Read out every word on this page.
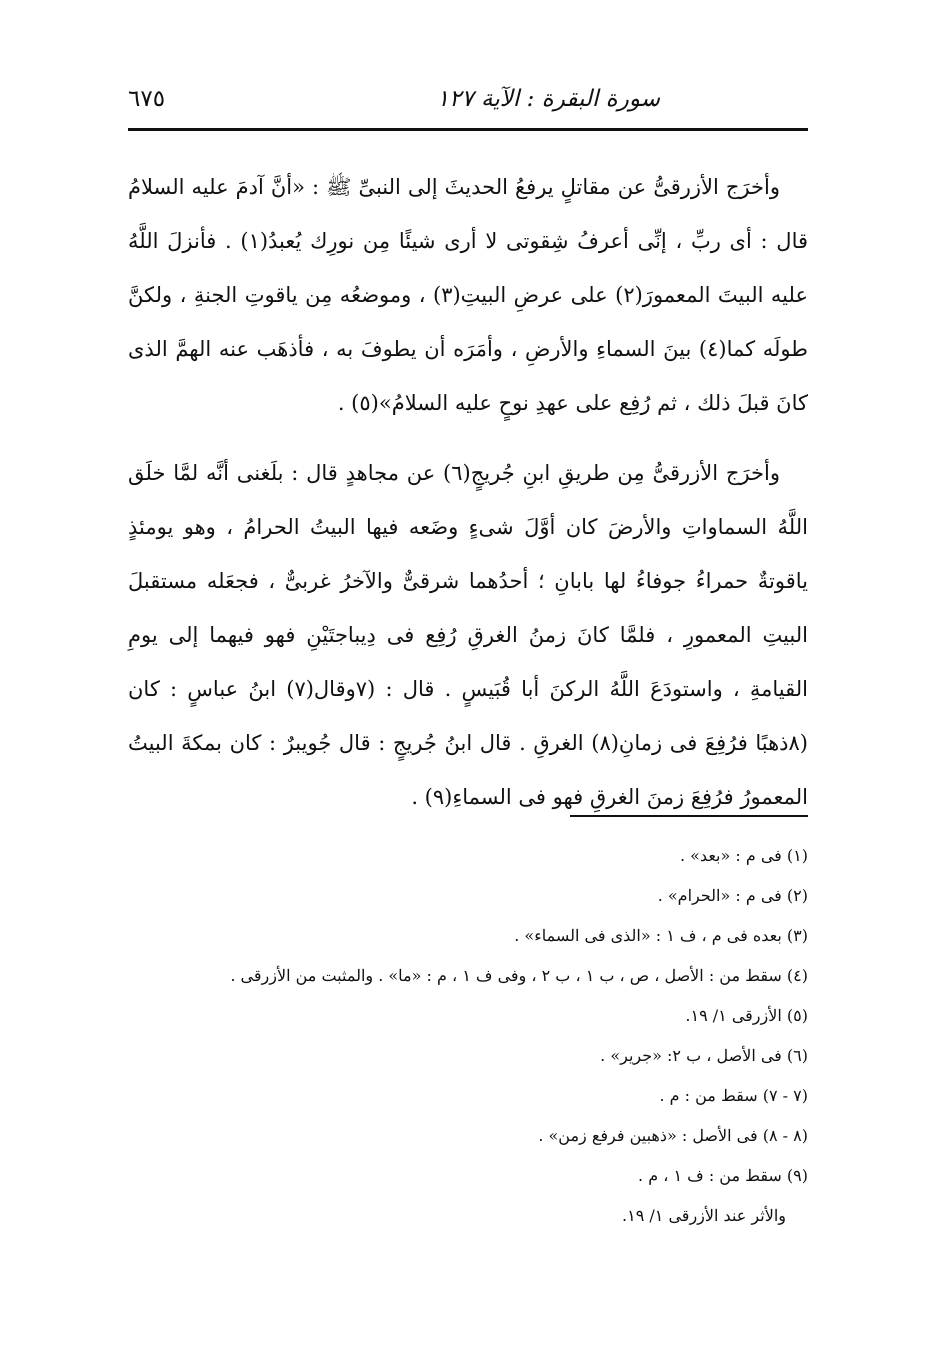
سورة البقرة : الآية ١٢٧
٦٧٥

وأخرَج الأزرقىُّ عن مقاتلٍ يرفعُ الحديثَ إلى النبىِّ ﷺ : «أنَّ آدمَ عليه السلامُ قال : أى ربِّ ، إنِّى أعرفُ شِقوتى لا أرى شيئًا مِن نورِك يُعبدُ(١) . فأنزلَ اللَّهُ عليه البيتَ المعمورَ(٢) على عرضِ البيتِ(٣) ، وموضعُه مِن ياقوتِ الجنةِ ، ولكنَّ طولَه كما(٤) بينَ السماءِ والأرضِ ، وأمَرَه أن يطوفَ به ، فأذهَب عنه الهمَّ الذى كانَ قبلَ ذلك ، ثم رُفِع على عهدِ نوحٍ عليه السلامُ»(٥) .

وأخرَج الأزرقىُّ مِن طريقِ ابنِ جُريجٍ(٦) عن مجاهدٍ قال : بلَغنى أنَّه لمَّا خلَق اللَّهُ السماواتِ والأرضَ كان أوَّلَ شىءٍ وضَعه فيها البيتُ الحرامُ ، وهو يومئذٍ ياقوتةٌ حمراءُ جوفاءُ لها بابانِ ؛ أحدُهما شرقىٌّ والآخرُ غربىٌّ ، فجعَله مستقبلَ البيتِ المعمورِ ، فلمَّا كانَ زمنُ الغرقِ رُفِع فى دِيباجتَيْنِ فهو فيهما إلى يومِ القيامةِ ، واستودَعَ اللَّهُ الركنَ أبا قُبَيسٍ . قال : (٧وقال(٧) ابنُ عباسٍ : كان (٨ذهبًا فرُفِعَ فى زمانِ(٨) الغرقِ . قال ابنُ جُريجٍ : قال جُويبرٌ : كان بمكةَ البيتُ المعمورُ فرُفِعَ زمنَ الغرقِ فهو فى السماءِ(٩) .

(١) فى م : «بعد» .
(٢) فى م : «الحرام» .
(٣) بعده فى م ، ف ١ : «الذى فى السماء» .
(٤) سقط من : الأصل ، ص ، ب ١ ، ب ٢ ، وفى ف ١ ، م : «ما» . والمثبت من الأزرقى .
(٥) الأزرقى ١/ ١٩.
(٦) فى الأصل ، ب ٢: «جرير» .
(٧ - ٧) سقط من : م .
(٨ - ٨) فى الأصل : «ذهبين فرفع زمن» .
(٩) سقط من : ف ١ ، م .
والأثر عند الأزرقى ١/ ١٩.
